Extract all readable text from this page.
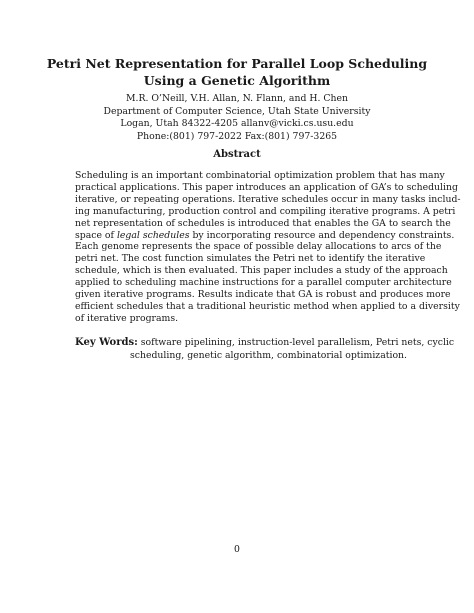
Petri Net Representation for Parallel Loop Scheduling
Using a Genetic Algorithm
M.R. O’Neill, V.H. Allan, N. Flann, and H. Chen
Department of Computer Science, Utah State University
Logan, Utah 84322-4205 allanv@vicki.cs.usu.edu
Phone:(801) 797-2022 Fax:(801) 797-3265
Abstract
Scheduling is an important combinatorial optimization problem that has many
practical applications. This paper introduces an application of GA’s to scheduling
iterative, or repeating operations. Iterative schedules occur in many tasks includ-
ing manufacturing, production control and compiling iterative programs. A petri
net representation of schedules is introduced that enables the GA to search the
space of legal schedules by incorporating resource and dependency constraints.
Each genome represents the space of possible delay allocations to arcs of the
petri net. The cost function simulates the Petri net to identify the iterative
schedule, which is then evaluated. This paper includes a study of the approach
applied to scheduling machine instructions for a parallel computer architecture
given iterative programs. Results indicate that GA is robust and produces more
efficient schedules that a traditional heuristic method when applied to a diversity
of iterative programs.
Key Words: software pipelining, instruction-level parallelism, Petri nets, cyclic
scheduling, genetic algorithm, combinatorial optimization.
0
